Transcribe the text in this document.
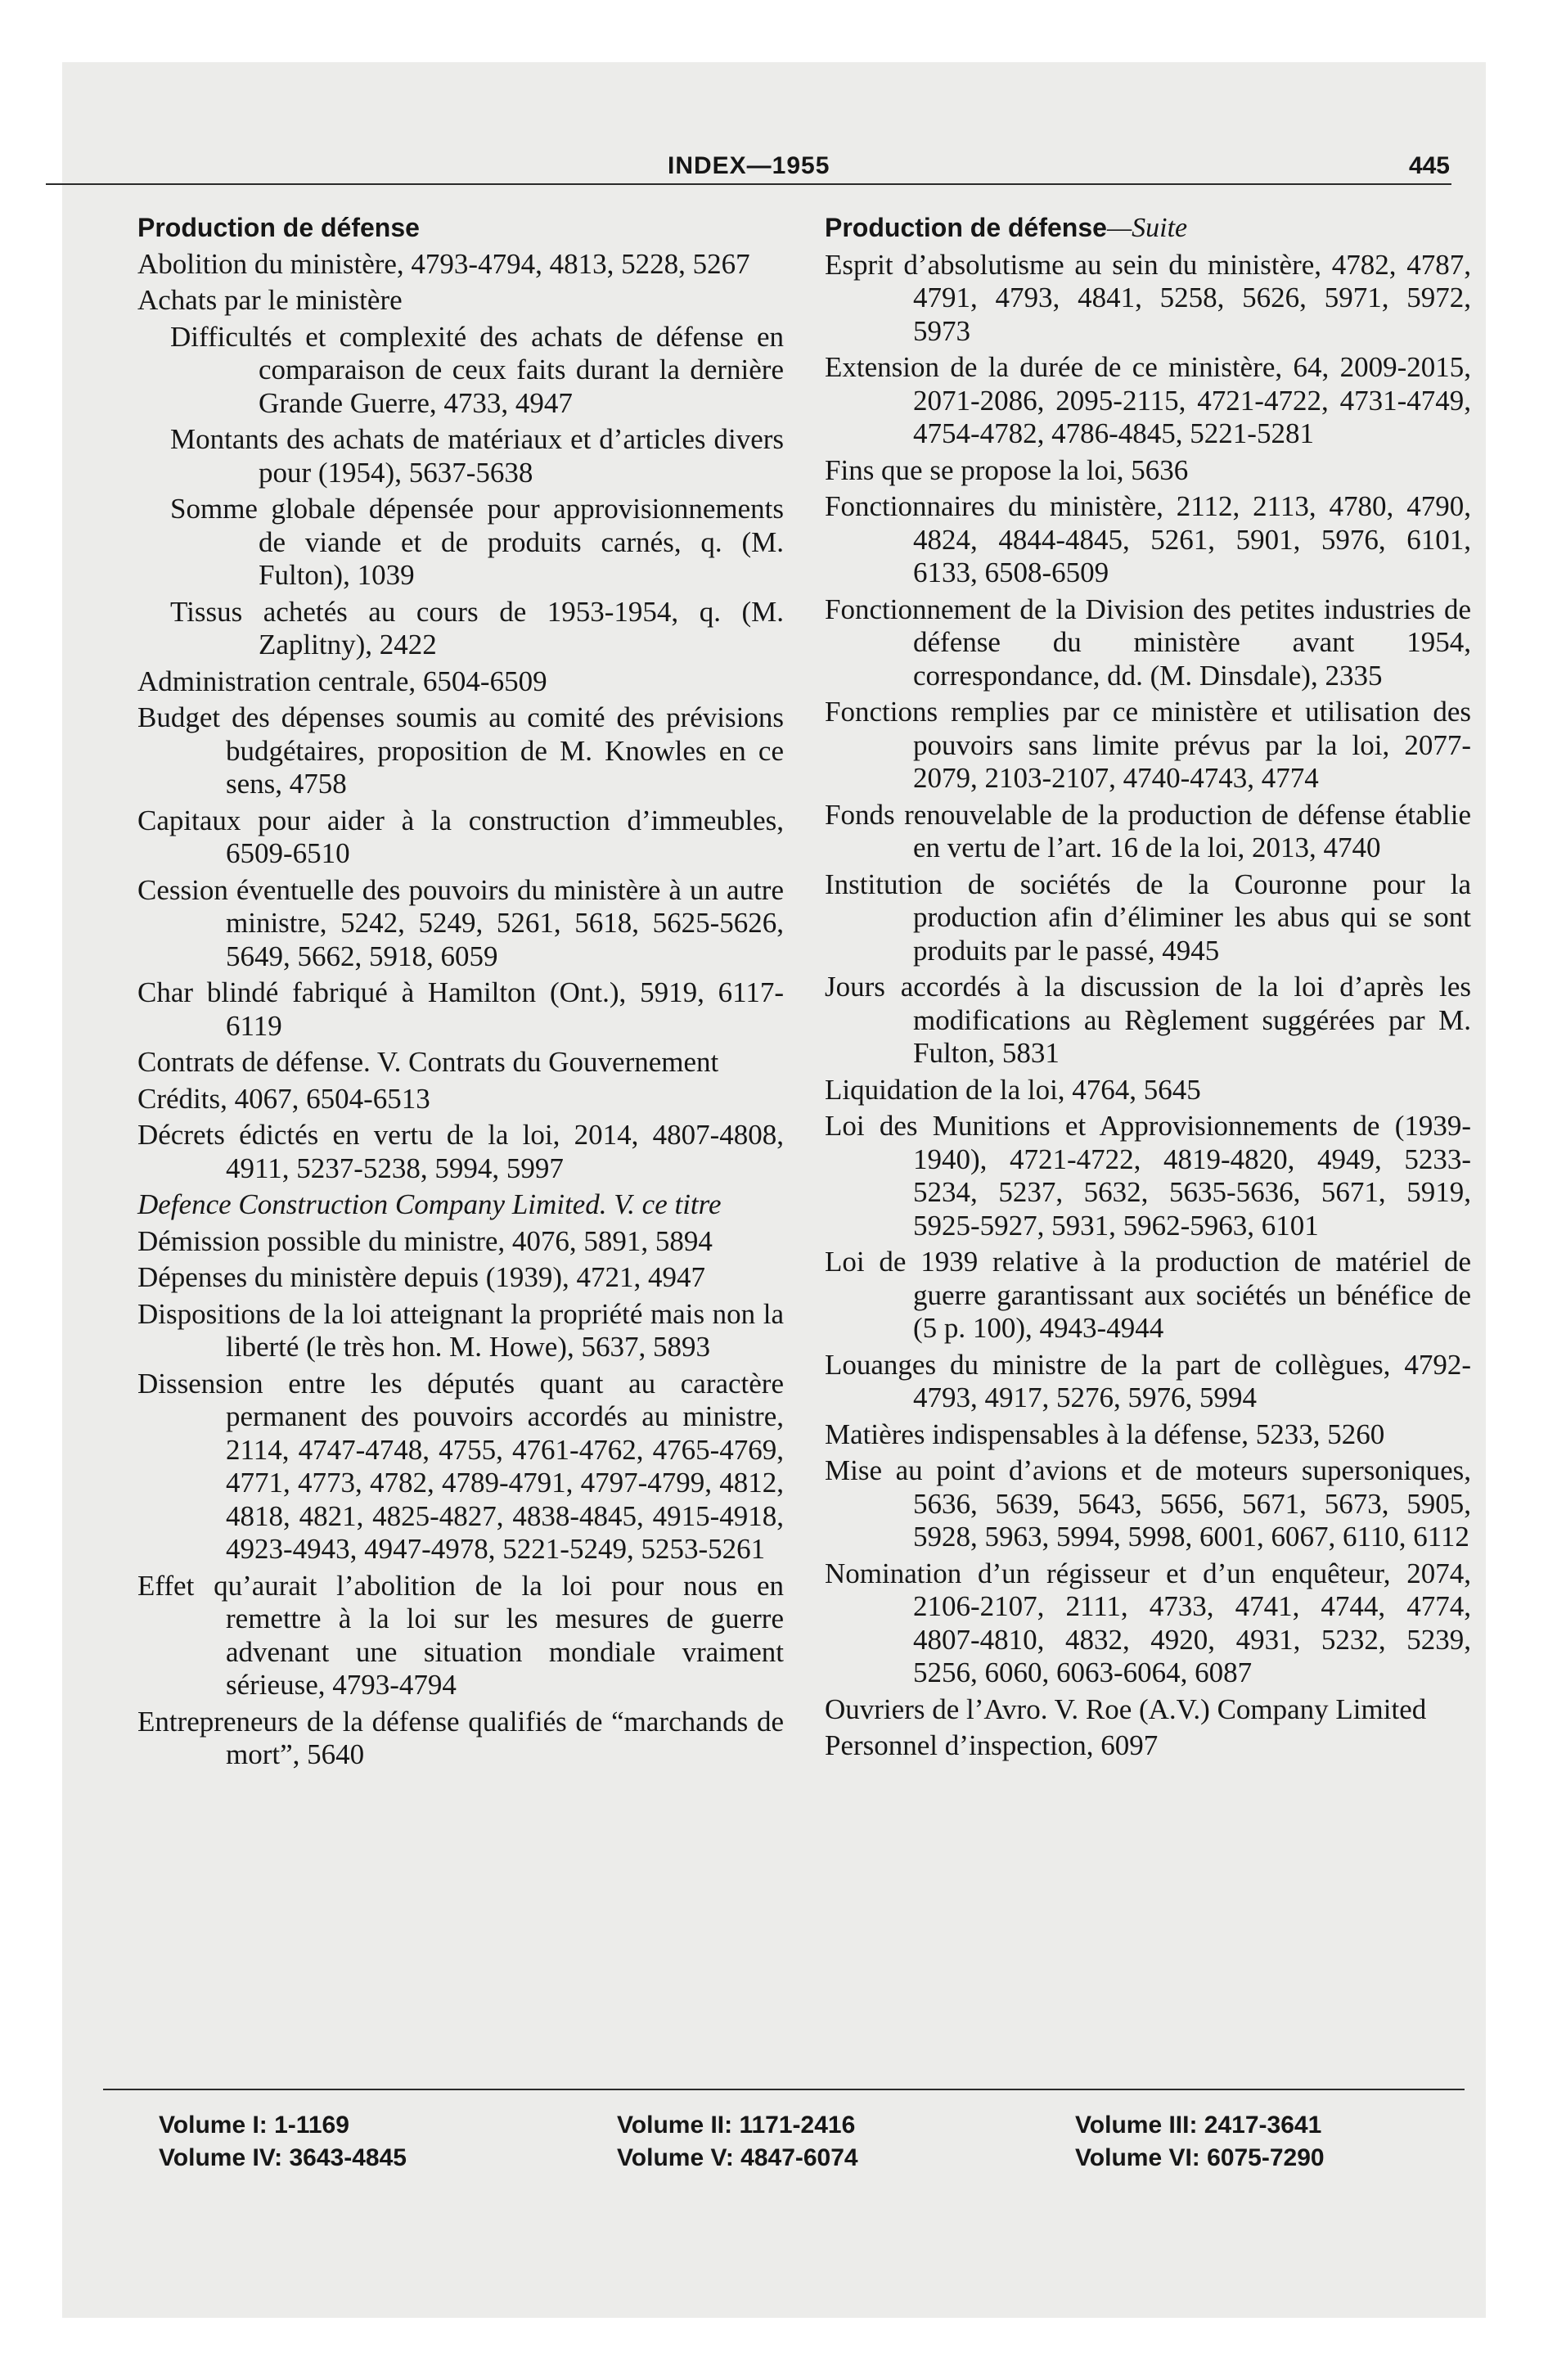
INDEX—1955	445
Production de défense
Abolition du ministère, 4793-4794, 4813, 5228, 5267
Achats par le ministère
Difficultés et complexité des achats de défense en comparaison de ceux faits durant la dernière Grande Guerre, 4733, 4947
Montants des achats de matériaux et d’articles divers pour (1954), 5637-5638
Somme globale dépensée pour approvisionnements de viande et de produits carnés, q. (M. Fulton), 1039
Tissus achetés au cours de 1953-1954, q. (M. Zaplitny), 2422
Administration centrale, 6504-6509
Budget des dépenses soumis au comité des prévisions budgétaires, proposition de M. Knowles en ce sens, 4758
Capitaux pour aider à la construction d’immeubles, 6509-6510
Cession éventuelle des pouvoirs du ministère à un autre ministre, 5242, 5249, 5261, 5618, 5625-5626, 5649, 5662, 5918, 6059
Char blindé fabriqué à Hamilton (Ont.), 5919, 6117-6119
Contrats de défense. V. Contrats du Gouvernement
Crédits, 4067, 6504-6513
Décrets édictés en vertu de la loi, 2014, 4807-4808, 4911, 5237-5238, 5994, 5997
Defence Construction Company Limited. V. ce titre
Démission possible du ministre, 4076, 5891, 5894
Dépenses du ministère depuis (1939), 4721, 4947
Dispositions de la loi atteignant la propriété mais non la liberté (le très hon. M. Howe), 5637, 5893
Dissension entre les députés quant au caractère permanent des pouvoirs accordés au ministre, 2114, 4747-4748, 4755, 4761-4762, 4765-4769, 4771, 4773, 4782, 4789-4791, 4797-4799, 4812, 4818, 4821, 4825-4827, 4838-4845, 4915-4918, 4923-4943, 4947-4978, 5221-5249, 5253-5261
Effet qu’aurait l’abolition de la loi pour nous en remettre à la loi sur les mesures de guerre advenant une situation mondiale vraiment sérieuse, 4793-4794
Entrepreneurs de la défense qualifiés de “marchands de mort”, 5640
Production de défense—Suite
Esprit d’absolutisme au sein du ministère, 4782, 4787, 4791, 4793, 4841, 5258, 5626, 5971, 5972, 5973
Extension de la durée de ce ministère, 64, 2009-2015, 2071-2086, 2095-2115, 4721-4722, 4731-4749, 4754-4782, 4786-4845, 5221-5281
Fins que se propose la loi, 5636
Fonctionnaires du ministère, 2112, 2113, 4780, 4790, 4824, 4844-4845, 5261, 5901, 5976, 6101, 6133, 6508-6509
Fonctionnement de la Division des petites industries de défense du ministère avant 1954, correspondance, dd. (M. Dinsdale), 2335
Fonctions remplies par ce ministère et utilisation des pouvoirs sans limite prévus par la loi, 2077-2079, 2103-2107, 4740-4743, 4774
Fonds renouvelable de la production de défense établie en vertu de l’art. 16 de la loi, 2013, 4740
Institution de sociétés de la Couronne pour la production afin d’éliminer les abus qui se sont produits par le passé, 4945
Jours accordés à la discussion de la loi d’après les modifications au Règlement suggérées par M. Fulton, 5831
Liquidation de la loi, 4764, 5645
Loi des Munitions et Approvisionnements de (1939-1940), 4721-4722, 4819-4820, 4949, 5233-5234, 5237, 5632, 5635-5636, 5671, 5919, 5925-5927, 5931, 5962-5963, 6101
Loi de 1939 relative à la production de matériel de guerre garantissant aux sociétés un bénéfice de (5 p. 100), 4943-4944
Louanges du ministre de la part de collègues, 4792-4793, 4917, 5276, 5976, 5994
Matières indispensables à la défense, 5233, 5260
Mise au point d’avions et de moteurs supersoniques, 5636, 5639, 5643, 5656, 5671, 5673, 5905, 5928, 5963, 5994, 5998, 6001, 6067, 6110, 6112
Nomination d’un régisseur et d’un enquêteur, 2074, 2106-2107, 2111, 4733, 4741, 4744, 4774, 4807-4810, 4832, 4920, 4931, 5232, 5239, 5256, 6060, 6063-6064, 6087
Ouvriers de l’Avro. V. Roe (A.V.) Company Limited
Personnel d’inspection, 6097
Volume I: 1-1169	Volume II: 1171-2416	Volume III: 2417-3641
Volume IV: 3643-4845	Volume V: 4847-6074	Volume VI: 6075-7290
